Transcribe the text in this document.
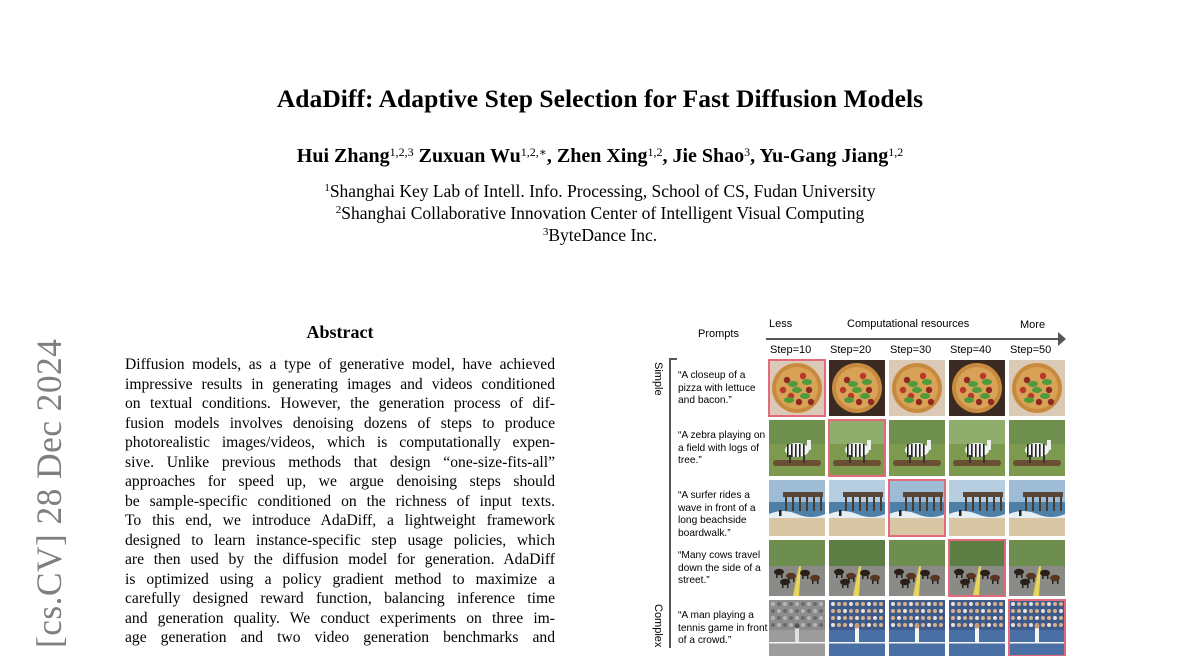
AdaDiff: Adaptive Step Selection for Fast Diffusion Models
Hui Zhang$^{1,2,3}$ Zuxuan $Wu^{1,2,∗}$, Zhen Xing$^{1,2}$, Jie Shao$^3$, Yu-Gang Jiang$^{1,2}$
$^1$Shanghai Key Lab of Intell. Info. Processing, School of CS, Fudan University
$^2$Shanghai Collaborative Innovation Center of Intelligent Visual Computing
$^3$ByteDance Inc.
[cs.CV] 28 Dec 2024
Abstract
Diffusion models, as a type of generative model, have achieved
impressive results in generating images and videos conditioned
on textual conditions. However, the generation process of dif-
fusion models involves denoising dozens of steps to produce
photorealistic images/videos, which is computationally expen-
sive. Unlike previous methods that design “one-size-fits-all”
approaches for speed up, we argue denoising steps should
be sample-specific conditioned on the richness of input texts.
To this end, we introduce AdaDiff, a lightweight framework
designed to learn instance-specific step usage policies, which
are then used by the diffusion model for generation. AdaDiff
is optimized using a policy gradient method to maximize a
carefully designed reward function, balancing inference time
and generation quality. We conduct experiments on three im-
age generation and two video generation benchmarks and
Prompts
Less	Computational resources	More
Simple
Complex
Step=10 Step=20 Step=30 Step=40 Step=50
“A closeup of a pizza with lettuce and bacon.”
“A zebra playing on a field with logs of tree.”
“A surfer rides a wave in front of a long beachside boardwalk.”
“Many cows travel down the side of a street.”
“A man playing a tennis game in front of a crowd.”
